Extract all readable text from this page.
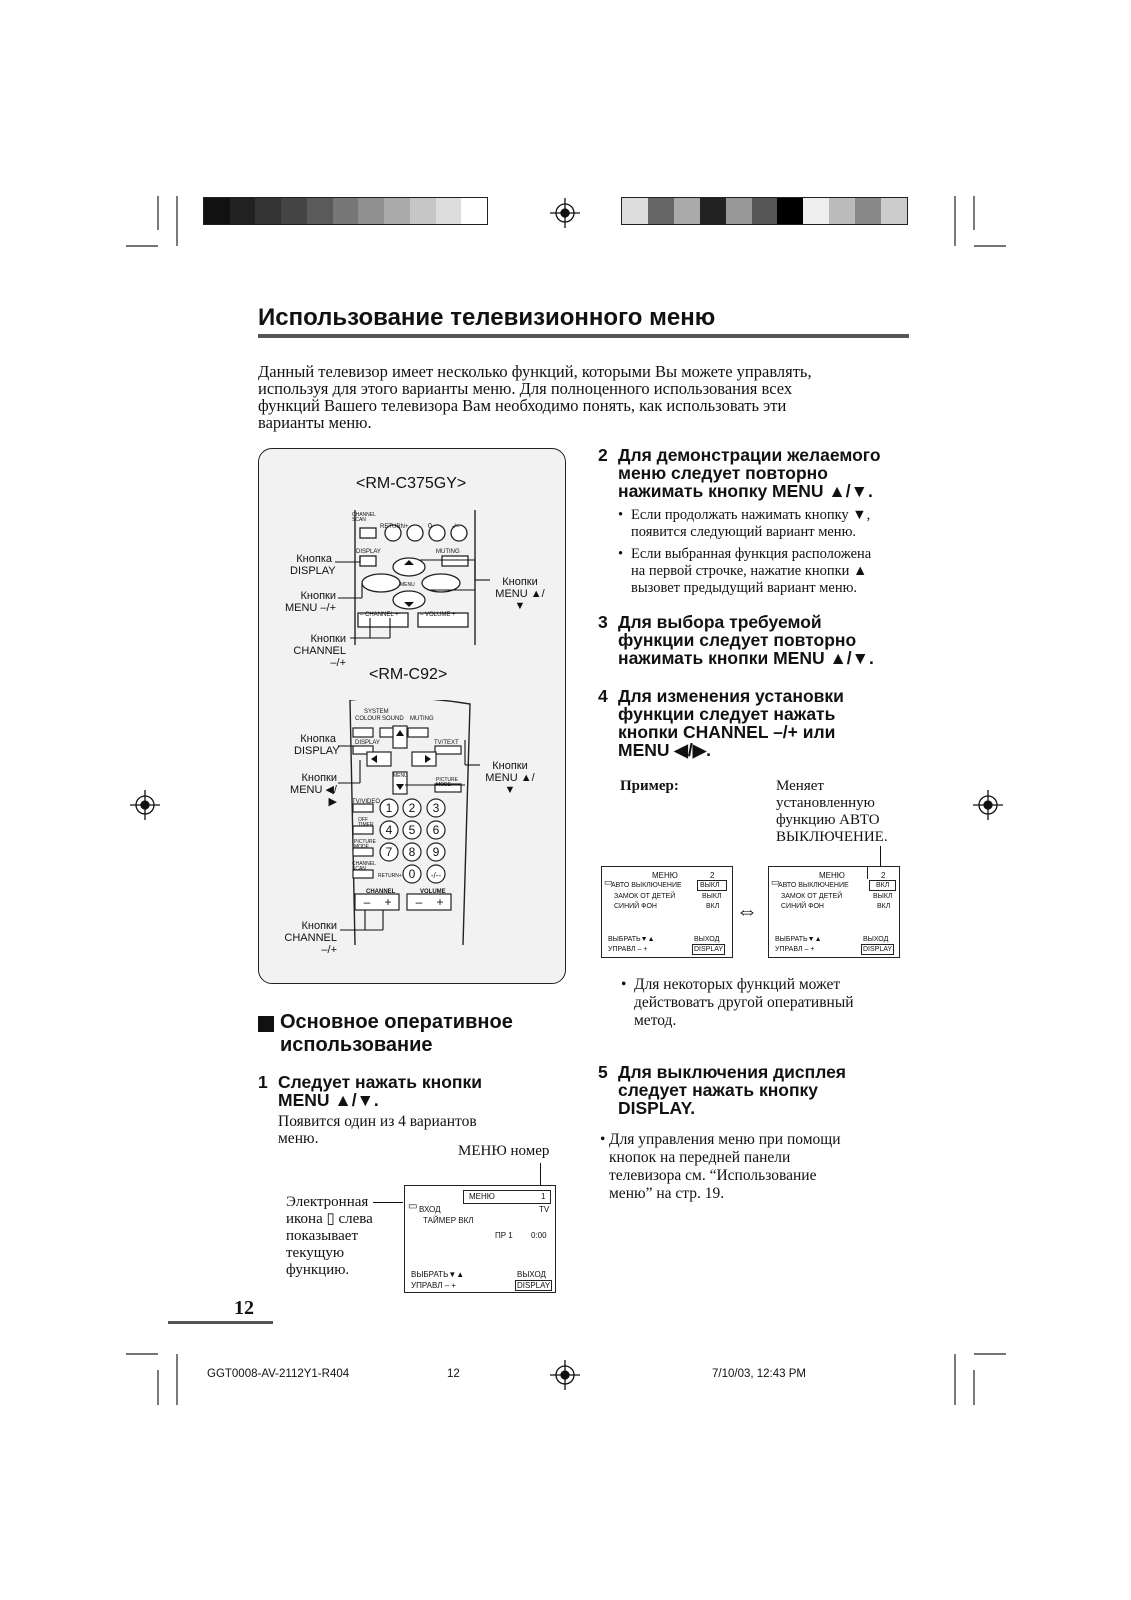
Использование телевизионного меню
Данный телевизор имеет несколько функций, которыми Вы можете управлять,
используя для этого варианты меню. Для полноценного использования всех
функций Вашего телевизора Вам необходимо понять, как использовать эти
варианты меню.
<RM-C375GY>
CHANNEL SCAN
RETURN+	0	-/--
DISPLAY	MUTING
MENU
– CHANNEL +	– VOLUME +
Кнопка
DISPLAY
Кнопки
MENU –/+
Кнопки
CHANNEL –/+
Кнопки
MENU ▲/▼
<RM-C92>
1 2 3
4 5 6
7 8 9
0 -/--
– + – +
SYSTEM
COLOUR SOUND MUTING
DISPLAY	TV/TEXT
MENU
PICTURE MODE
TV/VIDEO
OFF TIMER
PICTURE MODE
CHANNEL SCAN
RETURN+
CHANNEL	VOLUME
Кнопка
DISPLAY
Кнопки
MENU ◀/▶
Кнопки
MENU ▲/▼
Кнопки
CHANNEL –/+
Основное оперативное
использование
1 Следует нажать кнопки
MENU ▲/▼.
Появится один из 4 вариантов
меню.
МЕНЮ номер
Электронная
икона ▯ слева
показывает
текущую
функцию.
МЕНЮ	1
▭ ВХОД	TV
ТАЙМЕР ВКЛ
ПР 1 0:00
ВЫБРАТЬ▼▲	ВЫХОД
УПРАВЛ – +	DISPLAY
2 Для демонстрации желаемого
меню следует повторно
нажимать кнопку MENU ▲/▼.
• Если продолжать нажимать кнопку ▼,
появится следующий вариант меню.
• Если выбранная функция расположена
на первой строчке, нажатие кнопки ▲
вызовет предыдущий вариант меню.
3 Для выбора требуемой
функции следует повторно
нажимать кнопки MENU ▲/▼.
4 Для изменения установки
функции следует нажать
кнопки CHANNEL –/+ или
MENU ◀/▶.
Пример:	Меняет
установленную
функцию АВТО
ВЫКЛЮЧЕНИЕ.
МЕНЮ	2
▭
АВТО ВЫКЛЮЧЕНИЕ	ВЫКЛ
ЗАМОК ОТ ДЕТЕЙ	ВЫКЛ
СИНИЙ ФОН	ВКЛ
ВЫБРАТЬ▼▲	ВЫХОД
УПРАВЛ – +	DISPLAY
⇔
МЕНЮ	2
▭
АВТО ВЫКЛЮЧЕНИЕ	ВКЛ
ЗАМОК ОТ ДЕТЕЙ	ВЫКЛ
СИНИЙ ФОН	ВКЛ
ВЫБРАТЬ▼▲	ВЫХОД
УПРАВЛ – +	DISPLAY
• Для некоторых функций может
действоватъ другой оперативный
метод.
5 Для выключения дисплея
следует нажать кнопку
DISPLAY.
• Для управления меню при помощи
кнопок на передней панели
телевизора см. “Использование
меню” на стр. 19.
12
GGT0008-AV-2112Y1-R404	12	7/10/03, 12:43 PM
